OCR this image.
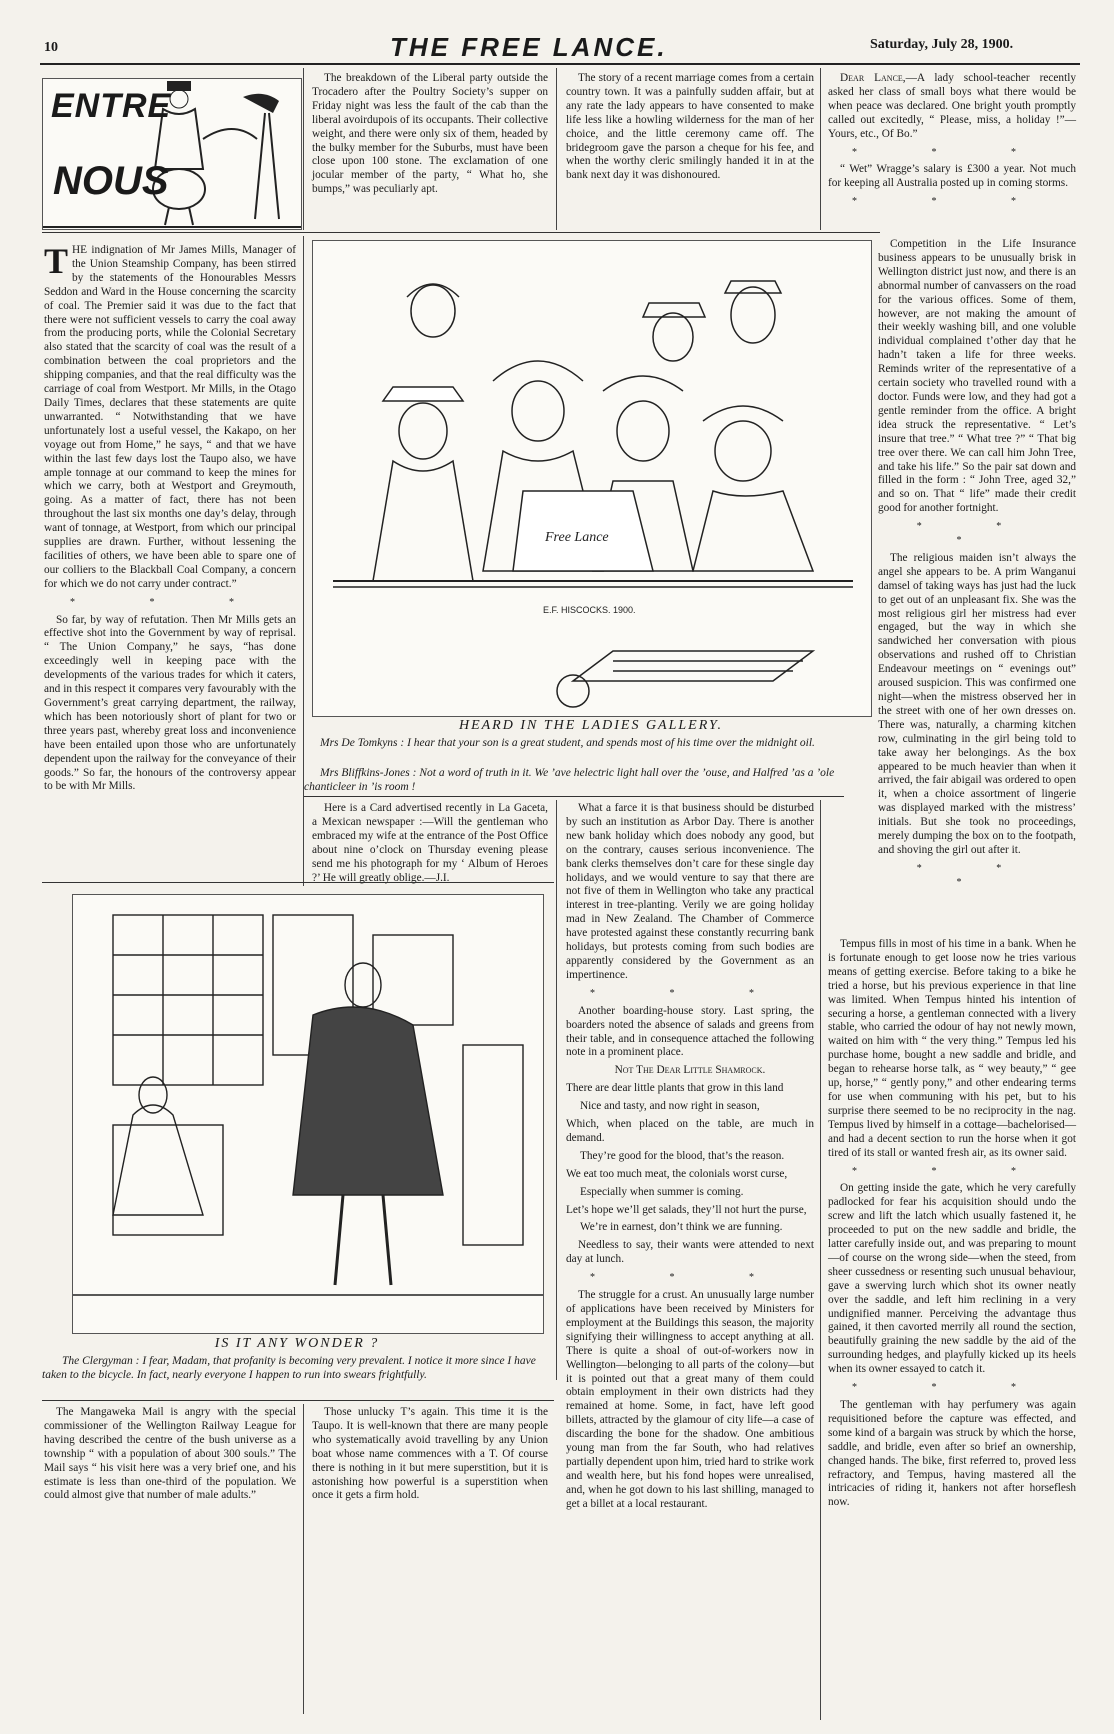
10	THE FREE LANCE.	Saturday, July 28, 1900.
ENTRE
NOUS

The breakdown of the Liberal party outside the Trocadero after the Poultry Society’s supper on Friday night was less the fault of the cab than the liberal avoirdupois of its occupants. Their collective weight, and there were only six of them, headed by the bulky member for the Suburbs, must have been close upon 100 stone. The exclamation of one jocular member of the party, “ What ho, she bumps,” was peculiarly apt.

The story of a recent marriage comes from a certain country town. It was a painfully sudden affair, but at any rate the lady appears to have consented to make life less like a howling wilderness for the man of her choice, and the little ceremony came off. The bridegroom gave the parson a cheque for his fee, and when the worthy cleric smilingly handed it in at the bank next day it was dishonoured.

Dear Lance,—A lady school-teacher recently asked her class of small boys what there would be when peace was declared. One bright youth promptly called out excitedly, “ Please, miss, a holiday !”— Yours, etc., Of Bo.”

* * *

“ Wet” Wragge’s salary is £300 a year. Not much for keeping all Australia posted up in coming storms.

* * *

THE indignation of Mr James Mills, Manager of the Union Steamship Company, has been stirred by the statements of the Honourables Messrs Seddon and Ward in the House concerning the scarcity of coal. The Premier said it was due to the fact that there were not sufficient vessels to carry the coal away from the producing ports, while the Colonial Secretary also stated that the scarcity of coal was the result of a combination between the coal proprietors and the shipping companies, and that the real difficulty was the carriage of coal from Westport. Mr Mills, in the Otago Daily Times, declares that these statements are quite unwarranted. “ Notwithstanding that we have unfortunately lost a useful vessel, the Kakapo, on her voyage out from Home,” he says, “ and that we have within the last few days lost the Taupo also, we have ample tonnage at our command to keep the mines for which we carry, both at Westport and Greymouth, going. As a matter of fact, there has not been throughout the last six months one day’s delay, through want of tonnage, at Westport, from which our principal supplies are drawn. Further, without lessening the facilities of others, we have been able to spare one of our colliers to the Blackball Coal Company, a concern for which we do not carry under contract.”

* * *

So far, by way of refutation. Then Mr Mills gets an effective shot into the Government by way of reprisal. “ The Union Company,” he says, “has done exceedingly well in keeping pace with the developments of the various trades for which it caters, and in this respect it compares very favourably with the Government’s great carrying department, the railway, which has been notoriously short of plant for two or three years past, whereby great loss and inconvenience have been entailed upon those who are unfortunately dependent upon the railway for the conveyance of their goods.” So far, the honours of the controversy appear to be with Mr Mills.

Free Lance
E.F. HISCOCKS. 1900.
HEARD IN THE LADIES GALLERY.
Mrs De Tomkyns : I hear that your son is a great student, and spends most of his time over the midnight oil.
Mrs Bliffkins-Jones : Not a word of truth in it. We ’ave helectric light hall over the ’ouse, and Halfred ’as a ’ole chanticleer in ’is room !

Competition in the Life Insurance business appears to be unusually brisk in Wellington district just now, and there is an abnormal number of canvassers on the road for the various offices. Some of them, however, are not making the amount of their weekly washing bill, and one voluble individual complained t’other day that he hadn’t taken a life for three weeks. Reminds writer of the representative of a certain society who travelled round with a doctor. Funds were low, and they had got a gentle reminder from the office. A bright idea struck the representative. “ Let’s insure that tree.” “ What tree ?” “ That big tree over there. We can call him John Tree, and take his life.” So the pair sat down and filled in the form : “ John Tree, aged 32,” and so on. That “ life” made their credit good for another fortnight.

* * *

The religious maiden isn’t always the angel she appears to be. A prim Wanganui damsel of taking ways has just had the luck to get out of an unpleasant fix. She was the most religious girl her mistress had ever engaged, but the way in which she sandwiched her conversation with pious observations and rushed off to Christian Endeavour meetings on “ evenings out” aroused suspicion. This was confirmed one night—when the mistress observed her in the street with one of her own dresses on. There was, naturally, a charming kitchen row, culminating in the girl being told to take away her belongings. As the box appeared to be much heavier than when it arrived, the fair abigail was ordered to open it, when a choice assortment of lingerie was displayed marked with the mistress’ initials. But she took no proceedings, merely dumping the box on to the footpath, and shoving the girl out after it.

* * *

Here is a Card advertised recently in La Gaceta, a Mexican newspaper :—Will the gentleman who embraced my wife at the entrance of the Post Office about nine o’clock on Thursday evening please send me his photograph for my ‘ Album of Heroes ?’ He will greatly oblige.—J.I.

What a farce it is that business should be disturbed by such an institution as Arbor Day. There is another new bank holiday which does nobody any good, but on the contrary, causes serious inconvenience. The bank clerks themselves don’t care for these single day holidays, and we would venture to say that there are not five of them in Wellington who take any practical interest in tree-planting. Verily we are going holiday mad in New Zealand. The Chamber of Commerce have protested against these constantly recurring bank holidays, but protests coming from such bodies are apparently considered by the Government as an impertinence.

* * *

Another boarding-house story. Last spring, the boarders noted the absence of salads and greens from their table, and in consequence attached the following note in a prominent place.

Not The Dear Little Shamrock.

There are dear little plants that grow in this land

Nice and tasty, and now right in season,

Which, when placed on the table, are much in demand.

They’re good for the blood, that’s the reason.

We eat too much meat, the colonials worst curse,

Especially when summer is coming.

Let’s hope we’ll get salads, they’ll not hurt the purse,

We’re in earnest, don’t think we are funning.

Needless to say, their wants were attended to next day at lunch.

* * *

The struggle for a crust. An unusually large number of applications have been received by Ministers for employment at the Buildings this season, the majority signifying their willingness to accept anything at all. There is quite a shoal of out-of-workers now in Wellington—belonging to all parts of the colony—but it is pointed out that a great many of them could obtain employment in their own districts had they remained at home. Some, in fact, have left good billets, attracted by the glamour of city life—a case of discarding the bone for the shadow. One ambitious young man from the far South, who had relatives partially dependent upon him, tried hard to strike work and wealth here, but his fond hopes were unrealised, and, when he got down to his last shilling, managed to get a billet at a local restaurant.

IS IT ANY WONDER ?
The Clergyman : I fear, Madam, that profanity is becoming very prevalent. I notice it more since I have taken to the bicycle. In fact, nearly everyone I happen to run into swears frightfully.

The Mangaweka Mail is angry with the special commissioner of the Wellington Railway League for having described the centre of the bush universe as a township “ with a population of about 300 souls.” The Mail says “ his visit here was a very brief one, and his estimate is less than one-third of the population. We could almost give that number of male adults.”

Those unlucky T’s again. This time it is the Taupo. It is well-known that there are many people who systematically avoid travelling by any Union boat whose name commences with a T. Of course there is nothing in it but mere superstition, but it is astonishing how powerful is a superstition when once it gets a firm hold.

Tempus fills in most of his time in a bank. When he is fortunate enough to get loose now he tries various means of getting exercise. Before taking to a bike he tried a horse, but his previous experience in that line was limited. When Tempus hinted his intention of securing a horse, a gentleman connected with a livery stable, who carried the odour of hay not newly mown, waited on him with “ the very thing.” Tempus led his purchase home, bought a new saddle and bridle, and began to rehearse horse talk, as “ wey beauty,” “ gee up, horse,” “ gently pony,” and other endearing terms for use when communing with his pet, but to his surprise there seemed to be no reciprocity in the nag. Tempus lived by himself in a cottage—bachelorised—and had a decent section to run the horse when it got tired of its stall or wanted fresh air, as its owner said.

* * *

On getting inside the gate, which he very carefully padlocked for fear his acquisition should undo the screw and lift the latch which usually fastened it, he proceeded to put on the new saddle and bridle, the latter carefully inside out, and was preparing to mount—of course on the wrong side—when the steed, from sheer cussedness or resenting such unusual behaviour, gave a swerving lurch which shot its owner neatly over the saddle, and left him reclining in a very undignified manner. Perceiving the advantage thus gained, it then cavorted merrily all round the section, beautifully graining the new saddle by the aid of the surrounding hedges, and playfully kicked up its heels when its owner essayed to catch it.

* * *

The gentleman with hay perfumery was again requisitioned before the capture was effected, and some kind of a bargain was struck by which the horse, saddle, and bridle, even after so brief an ownership, changed hands. The bike, first referred to, proved less refractory, and Tempus, having mastered all the intricacies of riding it, hankers not after horseflesh now.
